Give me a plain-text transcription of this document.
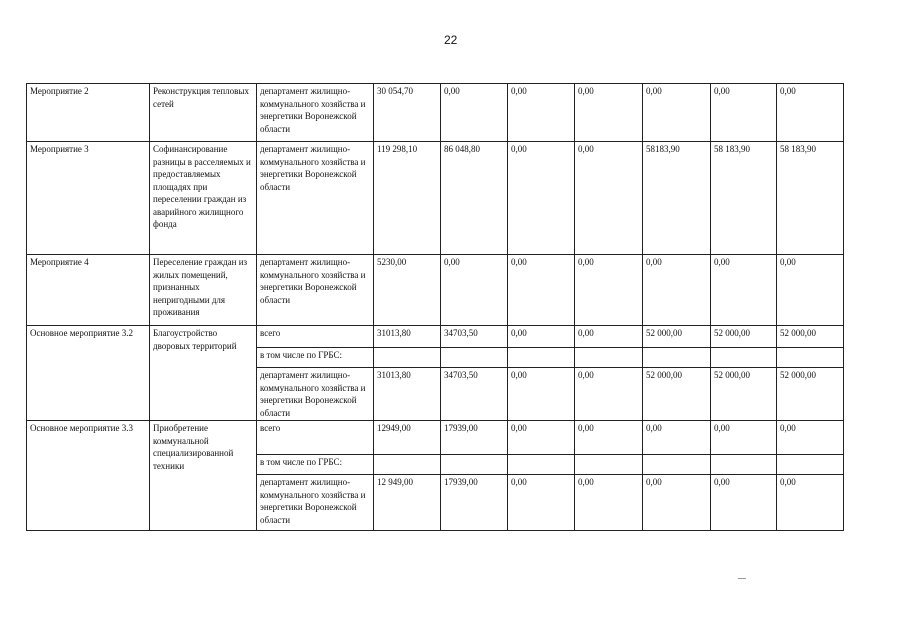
22
Мероприятие 2	Реконструкция тепловых сетей	департамент жилищно-коммунального хозяйства и энергетики Воронежской области	30 054,70	0,00	0,00	0,00	0,00	0,00	0,00
Мероприятие 3	Софинансирование разницы в расселяемых и предоставляемых площадях при переселении граждан из аварийного жилищного фонда	департамент жилищно-коммунального хозяйства и энергетики Воронежской области	119 298,10	86 048,80	0,00	0,00	58183,90	58 183,90	58 183,90
Мероприятие 4	Переселение граждан из жилых помещений, признанных непригодными для проживания	департамент жилищно-коммунального хозяйства и энергетики Воронежской области	5230,00	0,00	0,00	0,00	0,00	0,00	0,00
Основное мероприятие 3.2	Благоустройство дворовых территорий	всего	31013,80	34703,50	0,00	0,00	52 000,00	52 000,00	52 000,00
		в том числе по ГРБС:							
		департамент жилищно-коммунального хозяйства и энергетики Воронежской области	31013,80	34703,50	0,00	0,00	52 000,00	52 000,00	52 000,00
Основное мероприятие 3.3	Приобретение коммунальной специализированной техники	всего	12949,00	17939,00	0,00	0,00	0,00	0,00	0,00
		в том числе по ГРБС:							
		департамент жилищно-коммунального хозяйства и энергетики Воронежской области	12 949,00	17939,00	0,00	0,00	0,00	0,00	0,00
